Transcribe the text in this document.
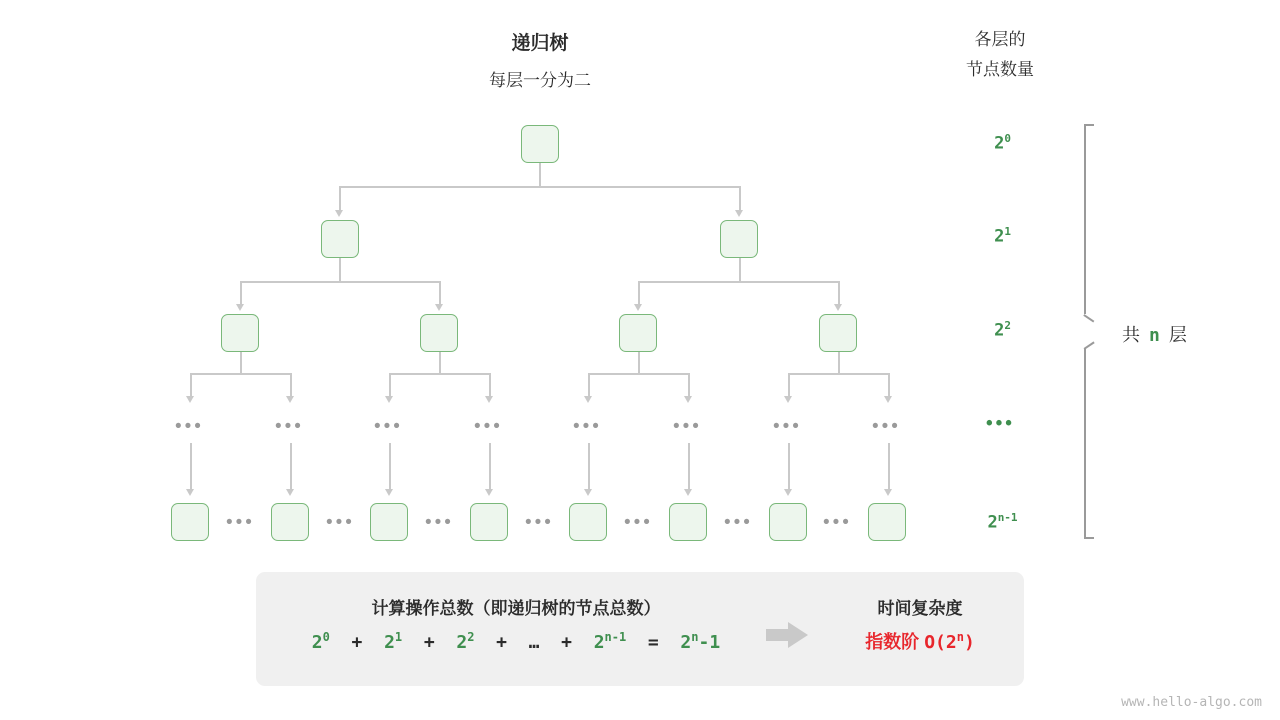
递归树
每层一分为二
各层的
节点数量
•••	•••	•••	•••	•••	•••	•••	•••
•••	•••	•••	•••	•••	•••	•••
$2^0$
$2^1$
$2^2$
•••
2$^{n-1}$
共 n 层
计算操作总数（即递归树的节点总数）
$2^0 + 2^1 + 2^2$  +  …  +  2$^{n-1}$  =  2$^n$-1
时间复杂度
指数阶 O(2$^n$)
www.hello-algo.com
